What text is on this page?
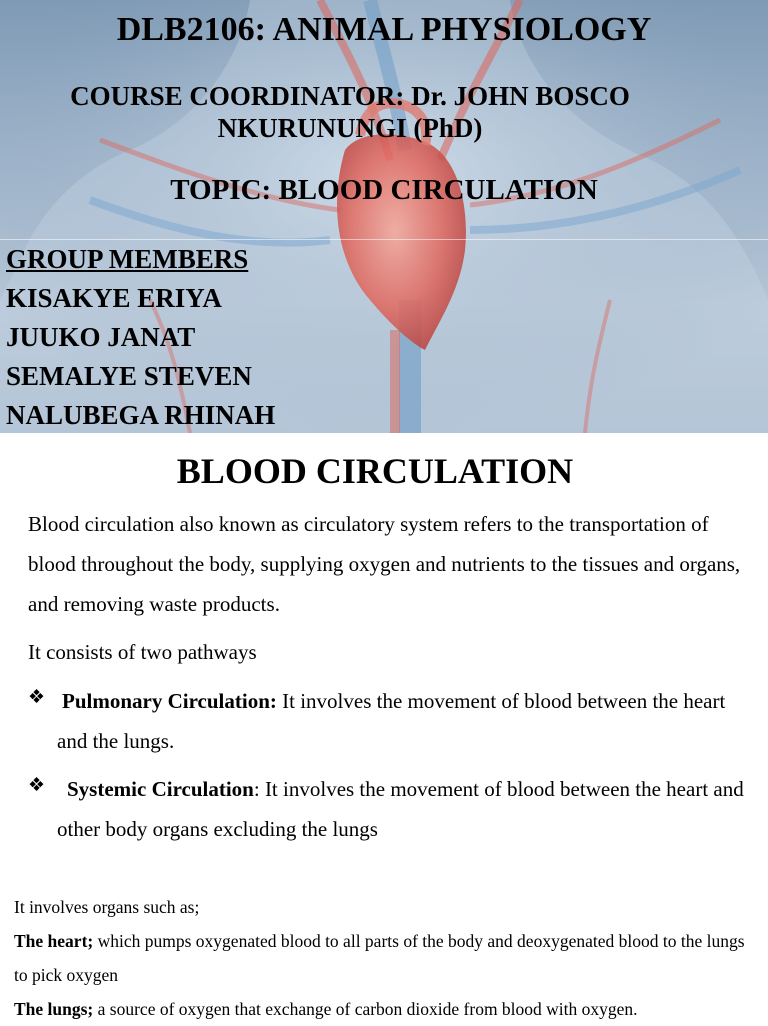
DLB2106: ANIMAL PHYSIOLOGY
COURSE COORDINATOR: Dr. JOHN BOSCO NKURUNUNGI (PhD)
TOPIC: BLOOD CIRCULATION
GROUP MEMBERS
KISAKYE ERIYA
JUUKO JANAT
SEMALYE STEVEN
NALUBEGA RHINAH
BLOOD CIRCULATION
Blood circulation also known as circulatory system refers to the transportation of blood throughout the body, supplying oxygen and nutrients to the tissues and organs, and removing waste products.
It consists of two pathways
❖ Pulmonary Circulation: It involves the movement of blood between the heart and the lungs.
❖	Systemic Circulation: It involves the movement of blood between the heart and other body organs excluding the lungs
It involves organs such as;
The heart; which pumps oxygenated blood to all parts of the body and deoxygenated blood to the lungs to pick oxygen
The lungs; a source of oxygen that exchange of carbon dioxide from blood with oxygen.
